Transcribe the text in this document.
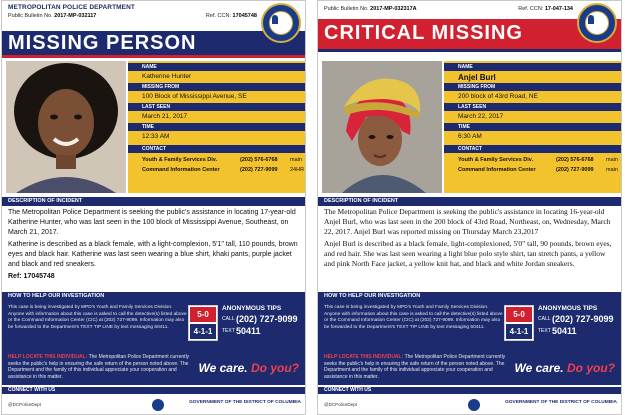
METROPOLITAN POLICE DEPARTMENT
Public Bulletin No. 2017-MP-032117	Ref. CCN: 17045748
MISSING PERSON
NAME
Katherine Hunter
MISSING FROM
100 Block of Mississippi Avenue, SE
LAST SEEN
March 21, 2017
TIME
12:33 AM
CONTACT
Youth & Family Services Div.	(202) 576-6768 main
Command Information Center	(202) 727-9099 24HR
DESCRIPTION OF INCIDENT

The Metropolitan Police Department is seeking the public's assistance in locating 17-year-old Katherine Hunter, who was last seen in the 100 block of Mississippi Avenue, Southeast, on March 21, 2017.

Katherine is described as a black female, with a light-complexion, 5'1" tall, 110 pounds, brown eyes and black hair. Katherine was last seen wearing a blue shirt, khaki pants, purple jacket and black and red sneakers.

Ref: 17045748

HOW TO HELP OUR INVESTIGATION
This case is being investigated by MPD's Youth and Family Services Division. Anyone with information about this case is asked to call the detective(s) listed above or the Command Information Center (CIC) at (202) 727-9099. Information may also be forwarded to the Department's TEXT TIP LINE by text messaging 50411.
5-0
4-1-1
ANONYMOUS TIPS
CALL (202) 727-9099
TEXT 50411
HELP LOCATE THIS INDIVIDUAL: The Metropolitan Police Department currently seeks the public's help in ensuring the safe return of the person noted above. The Department and the family of this individual appreciate your cooperation and assistance in this matter.
We care. Do you?
CONNECT WITH US
@DCPoliceDept	GOVERNMENT OF THE DISTRICT OF COLUMBIA
Public Bulletin No. 2017-MP-032317A	Ref. CCN: 17-047-134
CRITICAL MISSING
NAME
Anjel Burl
MISSING FROM
200 block of 43rd Road, NE
LAST SEEN
March 22, 2017
TIME
6:30 AM
CONTACT
Youth & Family Services Div.	(202) 576-6768 main
Command Information Center	(202) 727-9099 main
DESCRIPTION OF INCIDENT

The Metropolitan Police Department is seeking the public's assistance in locating 16-year-old Anjel Burl, who was last seen in the 200 block of 43rd Road, Northeast, on, Wednesday, March 22, 2017. Anjel Burl was reported missing on Thursday March 23,2017

Anjel Burl is described as a black female, light-complexioned, 5'0" tall, 90 pounds, brown eyes, and red hair. She was last seen wearing a light blue polo style shirt, tan stretch pants, a yellow and pink North Face jacket, a yellow knit hat, and black and white Jordan sneakers.

HOW TO HELP OUR INVESTIGATION
This case is being investigated by MPD's Youth and Family Services Division. Anyone with information about this case is asked to call the detective(s) listed above or the Command Information Center (CIC) at (202) 727-9099. Information may also be forwarded to the Department's TEXT TIP LINE by text messaging 50411.
5-0
4-1-1
ANONYMOUS TIPS
CALL (202) 727-9099
TEXT 50411
HELP LOCATE THIS INDIVIDUAL: The Metropolitan Police Department currently seeks the public's help in ensuring the safe return of the person noted above. The Department and the family of this individual appreciate your cooperation and assistance in this matter.
We care. Do you?
CONNECT WITH US
@DCPoliceDept	GOVERNMENT OF THE DISTRICT OF COLUMBIA
